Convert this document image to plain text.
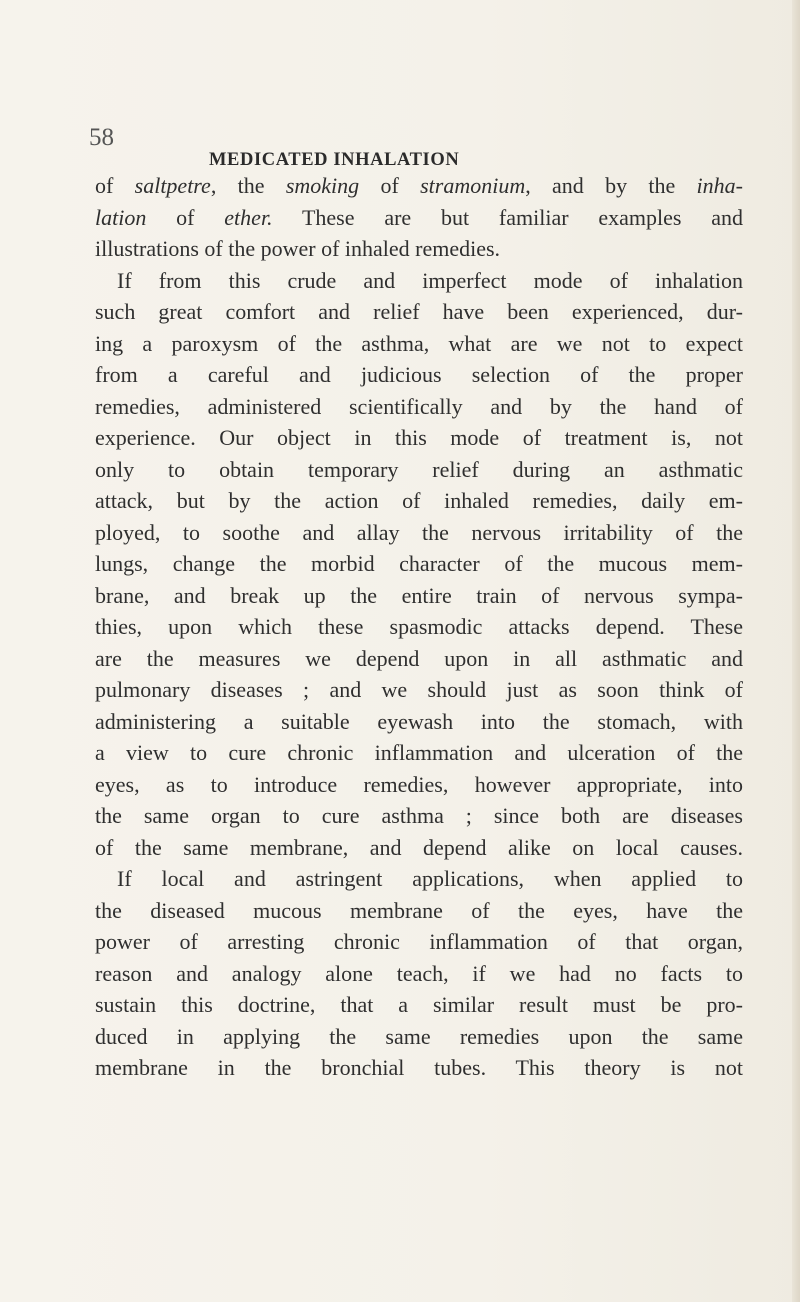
58
MEDICATED INHALATION
of saltpetre, the smoking of stramonium, and by the inha-
lation of ether. These are but familiar examples and
illustrations of the power of inhaled remedies.
If from this crude and imperfect mode of inhalation
such great comfort and relief have been experienced, dur-
ing a paroxysm of the asthma, what are we not to expect
from a careful and judicious selection of the proper
remedies, administered scientifically and by the hand of
experience. Our object in this mode of treatment is, not
only to obtain temporary relief during an asthmatic
attack, but by the action of inhaled remedies, daily em-
ployed, to soothe and allay the nervous irritability of the
lungs, change the morbid character of the mucous mem-
brane, and break up the entire train of nervous sympa-
thies, upon which these spasmodic attacks depend. These
are the measures we depend upon in all asthmatic and
pulmonary diseases ; and we should just as soon think of
administering a suitable eyewash into the stomach, with
a view to cure chronic inflammation and ulceration of the
eyes, as to introduce remedies, however appropriate, into
the same organ to cure asthma ; since both are diseases
of the same membrane, and depend alike on local causes.
If local and astringent applications, when applied to
the diseased mucous membrane of the eyes, have the
power of arresting chronic inflammation of that organ,
reason and analogy alone teach, if we had no facts to
sustain this doctrine, that a similar result must be pro-
duced in applying the same remedies upon the same
membrane in the bronchial tubes. This theory is not
